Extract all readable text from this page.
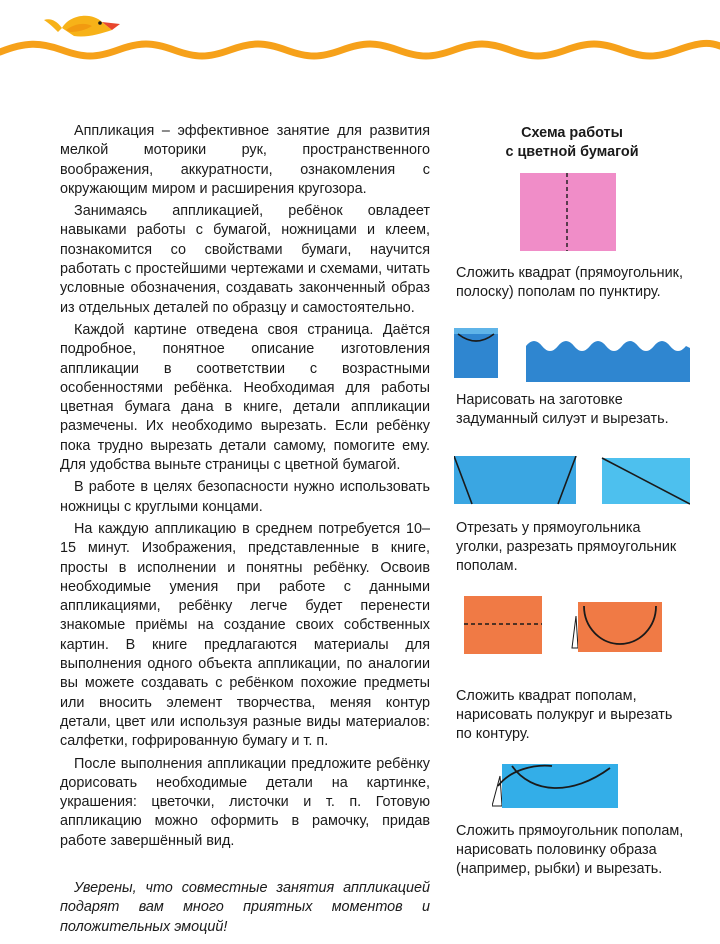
Аппликация – эффективное занятие для развития мелкой моторики рук, пространственного воображения, аккуратности, ознакомления с окружающим миром и расширения кругозора.

Занимаясь аппликацией, ребёнок овладеет навыками работы с бумагой, ножницами и клеем, познакомится со свойствами бумаги, научится работать с простейшими чертежами и схемами, читать условные обозначения, создавать законченный образ из отдельных деталей по образцу и самостоятельно.

Каждой картине отведена своя страница. Даётся подробное, понятное описание изготовления аппликации в соответствии с возрастными особенностями ребёнка. Необходимая для работы цветная бумага дана в книге, детали аппликации размечены. Их необходимо вырезать. Если ребёнку пока трудно вырезать детали самому, помогите ему. Для удобства выньте страницы с цветной бумагой.

В работе в целях безопасности нужно использовать ножницы с круглыми концами.

На каждую аппликацию в среднем потребуется 10–15 минут. Изображения, представленные в книге, просты в исполнении и понятны ребёнку. Освоив необходимые умения при работе с данными аппликациями, ребёнку легче будет перенести знакомые приёмы на создание своих собственных картин. В книге предлагаются материалы для выполнения одного объекта аппликации, по аналогии вы можете создавать с ребёнком похожие предметы или вносить элемент творчества, меняя контур детали, цвет или используя разные виды материалов: салфетки, гофрированную бумагу и т. п.

После выполнения аппликации предложите ребёнку дорисовать необходимые детали на картинке, украшения: цветочки, листочки и т. п. Готовую аппликацию можно оформить в рамочку, придав работе завершённый вид.

Уверены, что совместные занятия аппликацией подарят вам много приятных моментов и положительных эмоций!

Схема работы
с цветной бумагой
Сложить квадрат (прямоугольник, полоску) пополам по пунктиру.
Нарисовать на заготовке задуманный силуэт и вырезать.
Отрезать у прямоугольника уголки, разрезать прямоугольник пополам.
Сложить квадрат пополам, нарисовать полукруг и вырезать по контуру.
Сложить прямоугольник пополам, нарисовать половинку образа (например, рыбки) и вырезать.
